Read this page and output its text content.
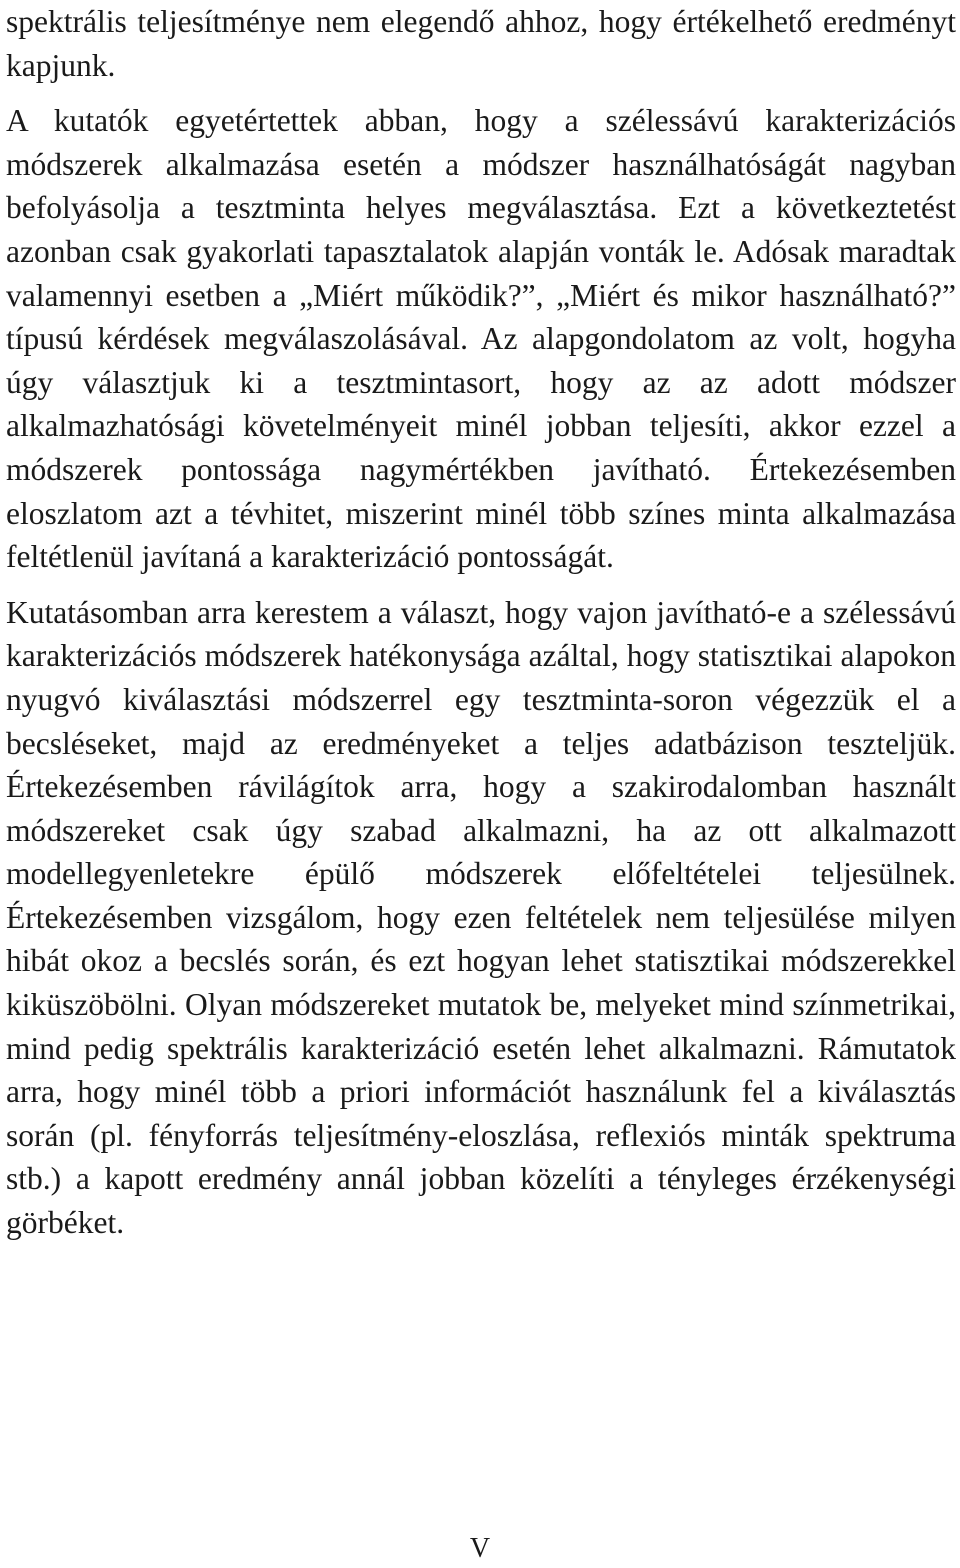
spektrális teljesítménye nem elegendő ahhoz, hogy értékelhető eredményt kapjunk.

A kutatók egyetértettek abban, hogy a szélessávú karakterizációs módszerek alkalmazása esetén a módszer használhatóságát nagyban befolyásolja a tesztminta helyes megválasztása. Ezt a következtetést azonban csak gyakorlati tapasztalatok alapján vonták le. Adósak maradtak valamennyi esetben a „Miért működik?”, „Miért és mikor használható?” típusú kérdések megválaszolásával. Az alapgondolatom az volt, hogyha úgy választjuk ki a tesztmintasort, hogy az az adott módszer alkalmazhatósági követelményeit minél jobban teljesíti, akkor ezzel a módszerek pontossága nagymértékben javítható. Értekezésemben eloszlatom azt a tévhitet, miszerint minél több színes minta alkalmazása feltétlenül javítaná a karakterizáció pontosságát.

Kutatásomban arra kerestem a választ, hogy vajon javítható-e a szélessávú karakterizációs módszerek hatékonysága azáltal, hogy statisztikai alapokon nyugvó kiválasztási módszerrel egy tesztminta-soron végezzük el a becsléseket, majd az eredményeket a teljes adatbázison teszteljük. Értekezésemben rávilágítok arra, hogy a szakirodalomban használt módszereket csak úgy szabad alkalmazni, ha az ott alkalmazott modellegyenletekre épülő módszerek előfeltételei teljesülnek. Értekezésemben vizsgálom, hogy ezen feltételek nem teljesülése milyen hibát okoz a becslés során, és ezt hogyan lehet statisztikai módszerekkel kiküszöbölni. Olyan módszereket mutatok be, melyeket mind színmetrikai, mind pedig spektrális karakterizáció esetén lehet alkalmazni. Rámutatok arra, hogy minél több a priori információt használunk fel a kiválasztás során (pl. fényforrás teljesítmény-eloszlása, reflexiós minták spektruma stb.) a kapott eredmény annál jobban közelíti a tényleges érzékenységi görbéket.

V
